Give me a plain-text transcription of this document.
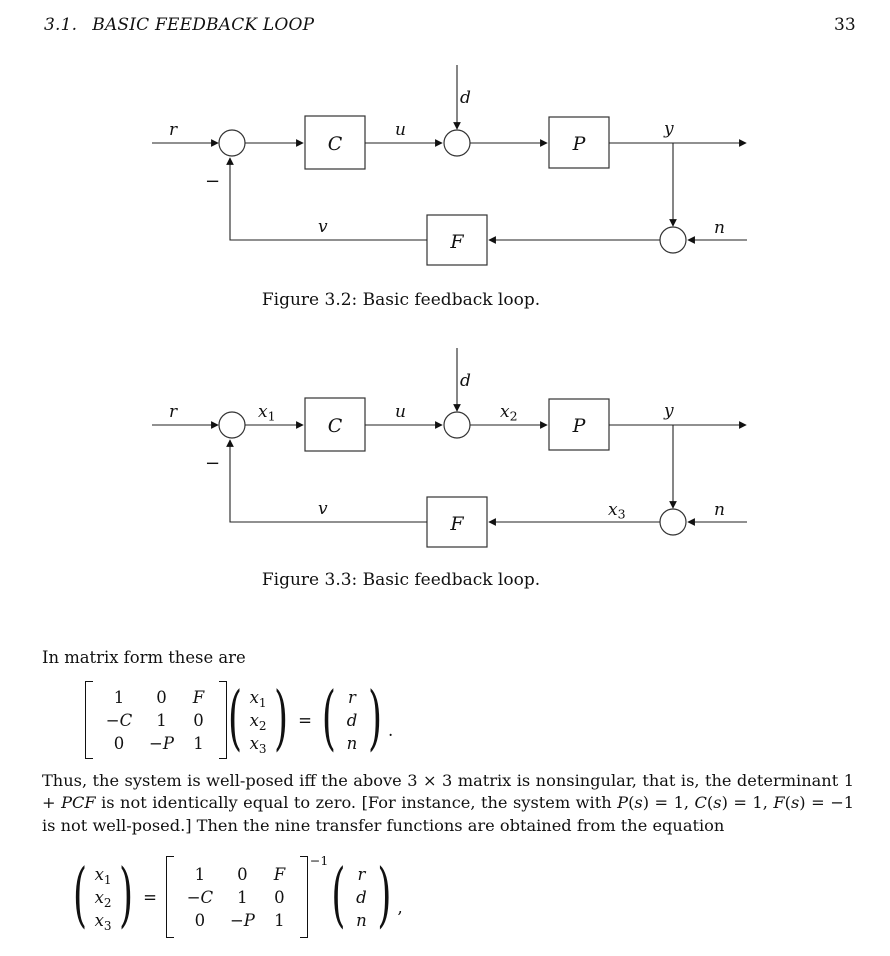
3.1. BASIC FEEDBACK LOOP	33
C	P
F
r	u
d
y
n
v
−
C	P
F
r	$x_1$	u
d
$x_2$	y
n
$x_3$
v
−
Figure 3.2: Basic feedback loop.
Figure 3.3: Basic feedback loop.
In matrix form these are
1	0	F
−C	1	0
0	−P	1 ( $x_1$
$x_2$
$x_3$ ) = ( r
d
n ) .
Thus, the system is well-posed iff the above 3 × 3 matrix is nonsingular, that is, the determinant 1 + PCF is not identically equal to zero. [For instance, the system with P(s) = 1, C(s) = 1, F(s) = −1 is not well-posed.] Then the nine transfer functions are obtained from the equation
( $x_1$
$x_2$
$x_3$ ) =
1	0	F
−C	1	0
0	−P	1
−1 ( r
d
n ) ,
